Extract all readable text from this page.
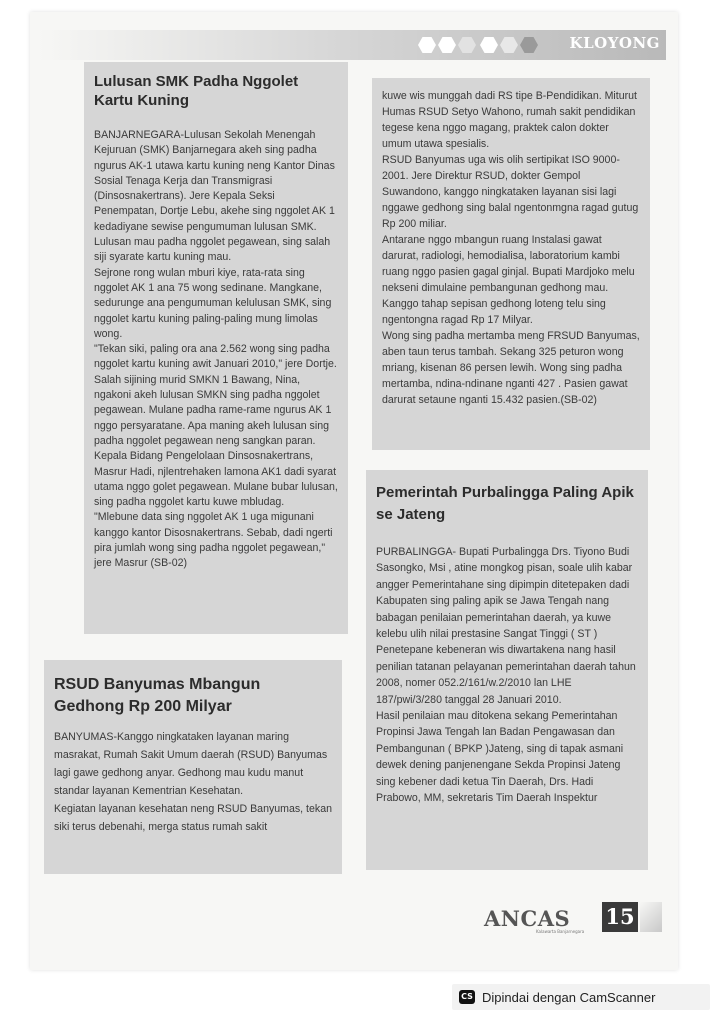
KLOYONG
Lulusan SMK Padha Nggolet Kartu Kuning

BANJARNEGARA-Lulusan Sekolah Menengah Kejuruan (SMK) Banjarnegara akeh sing padha ngurus AK-1 utawa kartu kuning neng Kantor Dinas Sosial Tenaga Kerja dan Transmigrasi (Dinsosnakertrans). Jere Kepala Seksi Penempatan, Dortje Lebu, akehe sing nggolet AK 1 kedadiyane sewise pengumuman lulusan SMK. Lulusan mau padha nggolet pegawean, sing salah siji syarate kartu kuning mau.

Sejrone rong wulan mburi kiye, rata-rata sing nggolet AK 1 ana 75 wong sedinane. Mangkane, sedurunge ana pengumuman kelulusan SMK, sing nggolet kartu kuning paling-paling mung limolas wong.

"Tekan siki, paling ora ana 2.562 wong sing padha nggolet kartu kuning awit Januari 2010," jere Dortje.

Salah sijining murid SMKN 1 Bawang, Nina, ngakoni akeh lulusan SMKN sing padha nggolet pegawean. Mulane padha rame-rame ngurus AK 1 nggo persyaratane. Apa maning akeh lulusan sing padha nggolet pegawean neng sangkan paran.

Kepala Bidang Pengelolaan Dinsosnakertrans, Masrur Hadi, njlentrehaken lamona AK1 dadi syarat utama nggo golet pegawean. Mulane bubar lulusan, sing padha nggolet kartu kuwe mbludag.

"Mlebune data sing nggolet AK 1 uga migunani kanggo kantor Disosnakertrans. Sebab, dadi ngerti pira jumlah wong sing padha nggolet pegawean," jere Masrur (SB-02)

RSUD Banyumas Mbangun Gedhong Rp 200 Milyar

BANYUMAS-Kanggo ningkataken layanan maring masrakat, Rumah Sakit Umum daerah (RSUD) Banyumas lagi gawe gedhong anyar. Gedhong mau kudu manut standar layanan Kementrian Kesehatan.

Kegiatan layanan kesehatan neng RSUD Banyumas, tekan siki terus debenahi, merga status rumah sakit

kuwe wis munggah dadi RS tipe B-Pendidikan. Miturut Humas RSUD Setyo Wahono, rumah sakit pendidikan tegese kena nggo magang, praktek calon dokter umum utawa spesialis.

RSUD Banyumas uga wis olih sertipikat ISO 9000-2001. Jere Direktur RSUD, dokter Gempol Suwandono, kanggo ningkataken layanan sisi lagi nggawe gedhong sing balal ngentonmgna ragad gutug Rp 200 miliar.

Antarane nggo mbangun ruang Instalasi gawat darurat, radiologi, hemodialisa, laboratorium kambi ruang nggo pasien gagal ginjal. Bupati Mardjoko melu nekseni dimulaine pembangunan gedhong mau. Kanggo tahap sepisan gedhong loteng telu sing ngentongna ragad Rp 17 Milyar.

Wong sing padha mertamba meng FRSUD Banyumas, aben taun terus tambah. Sekang 325 peturon wong mriang, kisenan 86 persen lewih. Wong sing padha mertamba, ndina-ndinane nganti 427 . Pasien gawat darurat setaune nganti 15.432 pasien.(SB-02)

Pemerintah Purbalingga Paling Apik se Jateng

PURBALINGGA- Bupati Purbalingga Drs. Tiyono Budi Sasongko, Msi , atine mongkog pisan, soale ulih kabar angger Pemerintahane sing dipimpin ditetepaken dadi Kabupaten sing paling apik se Jawa Tengah nang babagan penilaian pemerintahan daerah, ya kuwe kelebu ulih nilai prestasine Sangat Tinggi ( ST )

Penetepane kebeneran wis diwartakena nang hasil penilian tatanan pelayanan pemerintahan daerah tahun 2008, nomer 052.2/161/w.2/2010 lan LHE 187/pwi/3/280 tanggal 28 Januari 2010.

Hasil penilaian mau ditokena sekang Pemerintahan Propinsi Jawa Tengah lan Badan Pengawasan dan Pembangunan ( BPKP )Jateng, sing di tapak asmani dewek dening panjenengane Sekda Propinsi Jateng sing kebener dadi ketua Tin Daerah, Drs. Hadi Prabowo, MM, sekretaris Tim Daerah Inspektur

ANCAS
Kalawarta Banjarnegara
15
CS Dipindai dengan CamScanner
